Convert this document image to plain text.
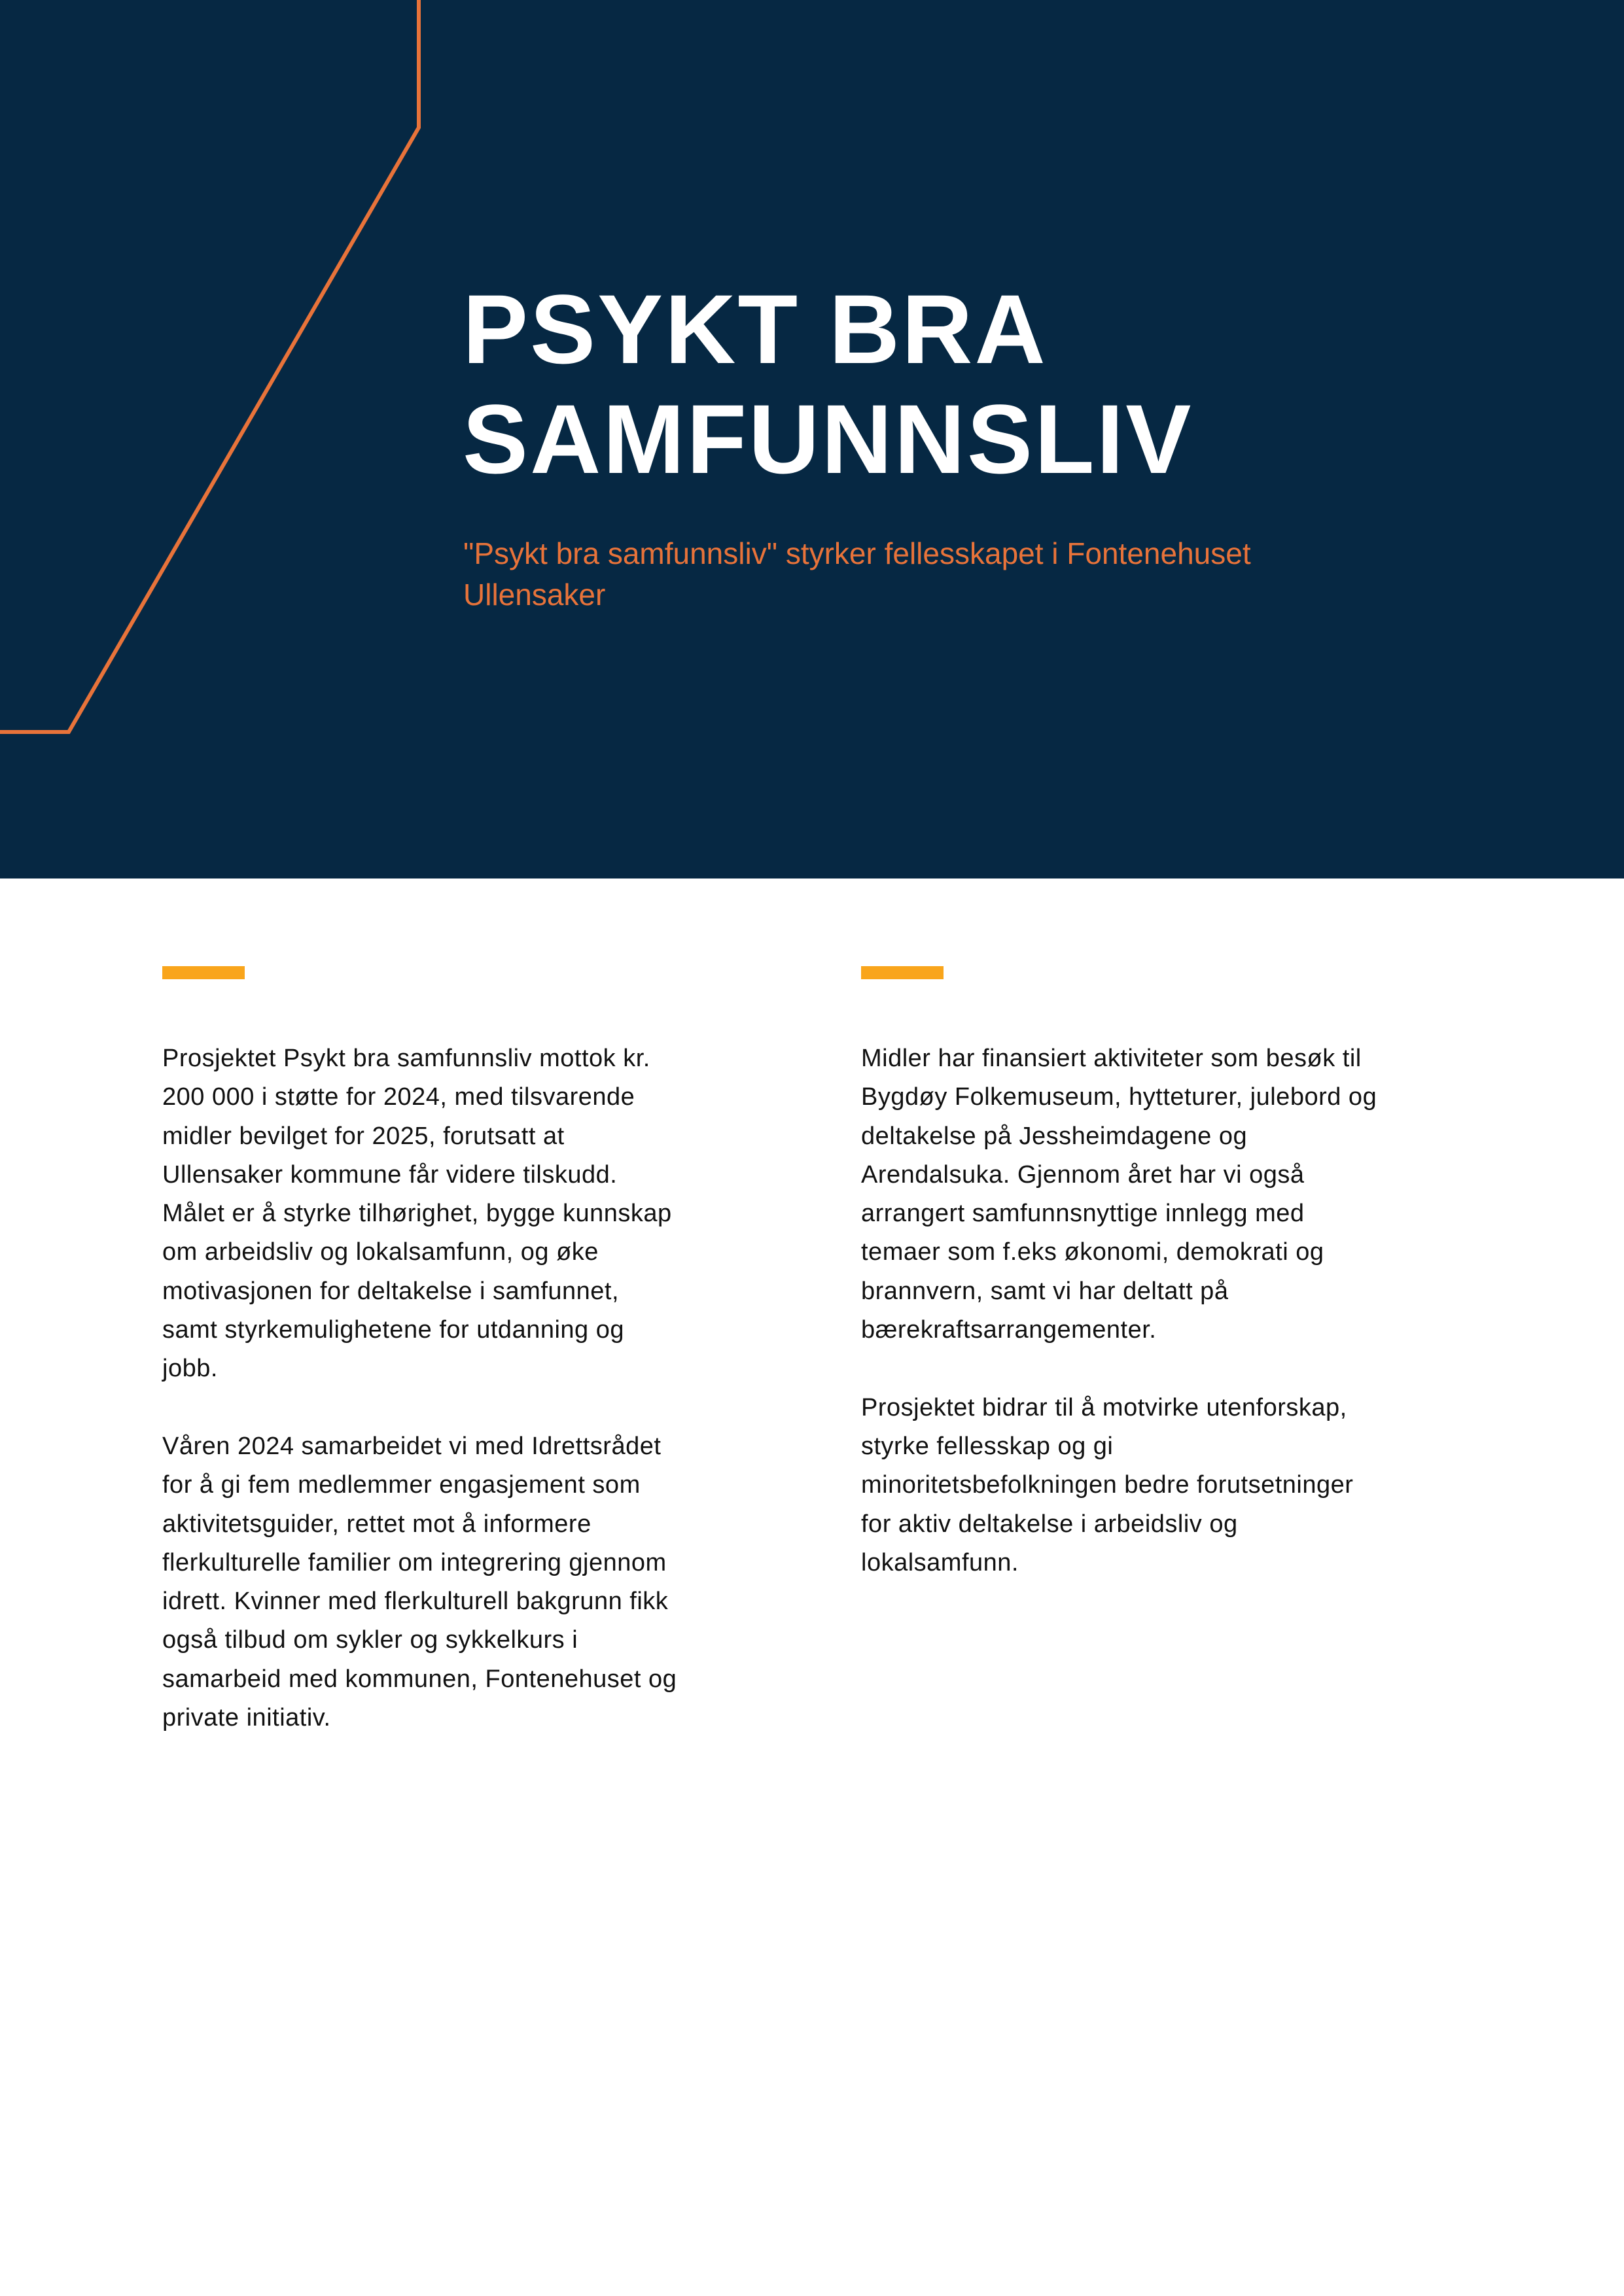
PSYKT BRA
SAMFUNNSLIV
"Psykt bra samfunnsliv" styrker fellesskapet i Fontenehuset
Ullensaker
Prosjektet Psykt bra samfunnsliv mottok kr.
200 000 i støtte for 2024, med tilsvarende
midler bevilget for 2025, forutsatt at
Ullensaker kommune får videre tilskudd.
Målet er å styrke tilhørighet, bygge kunnskap
om arbeidsliv og lokalsamfunn, og øke
motivasjonen for deltakelse i samfunnet,
samt styrkemulighetene for utdanning og
jobb.
Våren 2024 samarbeidet vi med Idrettsrådet
for å gi fem medlemmer engasjement som
aktivitetsguider, rettet mot å informere
flerkulturelle familier om integrering gjennom
idrett. Kvinner med flerkulturell bakgrunn fikk
også tilbud om sykler og sykkelkurs i
samarbeid med kommunen, Fontenehuset og
private initiativ.
Midler har finansiert aktiviteter som besøk til
Bygdøy Folkemuseum, hytteturer, julebord og
deltakelse på Jessheimdagene og
Arendalsuka. Gjennom året har vi også
arrangert samfunnsnyttige innlegg med
temaer som f.eks økonomi, demokrati og
brannvern, samt vi har deltatt på
bærekraftsarrangementer.
Prosjektet bidrar til å motvirke utenforskap,
styrke fellesskap og gi
minoritetsbefolkningen bedre forutsetninger
for aktiv deltakelse i arbeidsliv og
lokalsamfunn.
